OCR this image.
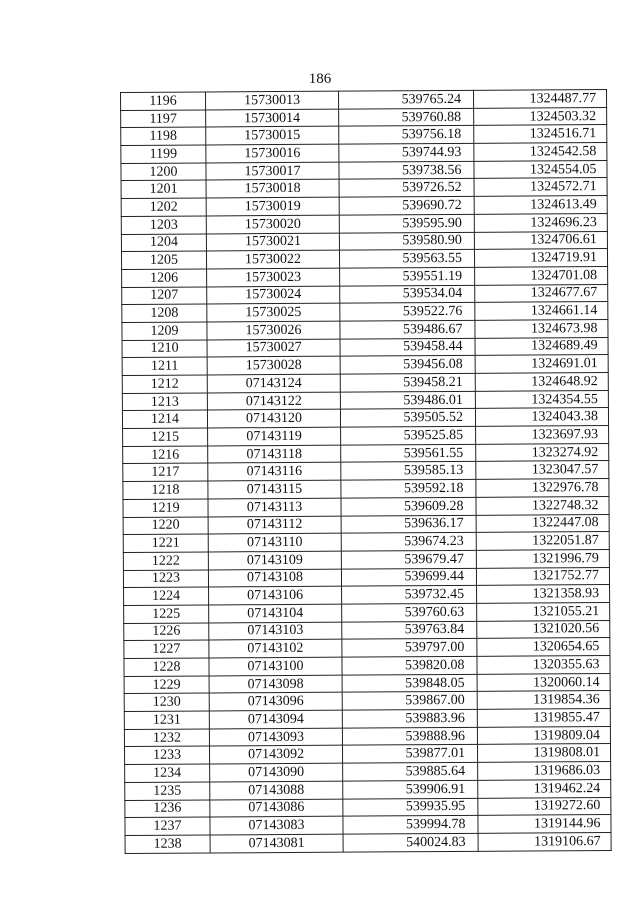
186
1196	15730013	539765.24	1324487.77
1197	15730014	539760.88	1324503.32
1198	15730015	539756.18	1324516.71
1199	15730016	539744.93	1324542.58
1200	15730017	539738.56	1324554.05
1201	15730018	539726.52	1324572.71
1202	15730019	539690.72	1324613.49
1203	15730020	539595.90	1324696.23
1204	15730021	539580.90	1324706.61
1205	15730022	539563.55	1324719.91
1206	15730023	539551.19	1324701.08
1207	15730024	539534.04	1324677.67
1208	15730025	539522.76	1324661.14
1209	15730026	539486.67	1324673.98
1210	15730027	539458.44	1324689.49
1211	15730028	539456.08	1324691.01
1212	07143124	539458.21	1324648.92
1213	07143122	539486.01	1324354.55
1214	07143120	539505.52	1324043.38
1215	07143119	539525.85	1323697.93
1216	07143118	539561.55	1323274.92
1217	07143116	539585.13	1323047.57
1218	07143115	539592.18	1322976.78
1219	07143113	539609.28	1322748.32
1220	07143112	539636.17	1322447.08
1221	07143110	539674.23	1322051.87
1222	07143109	539679.47	1321996.79
1223	07143108	539699.44	1321752.77
1224	07143106	539732.45	1321358.93
1225	07143104	539760.63	1321055.21
1226	07143103	539763.84	1321020.56
1227	07143102	539797.00	1320654.65
1228	07143100	539820.08	1320355.63
1229	07143098	539848.05	1320060.14
1230	07143096	539867.00	1319854.36
1231	07143094	539883.96	1319855.47
1232	07143093	539888.96	1319809.04
1233	07143092	539877.01	1319808.01
1234	07143090	539885.64	1319686.03
1235	07143088	539906.91	1319462.24
1236	07143086	539935.95	1319272.60
1237	07143083	539994.78	1319144.96
1238	07143081	540024.83	1319106.67
